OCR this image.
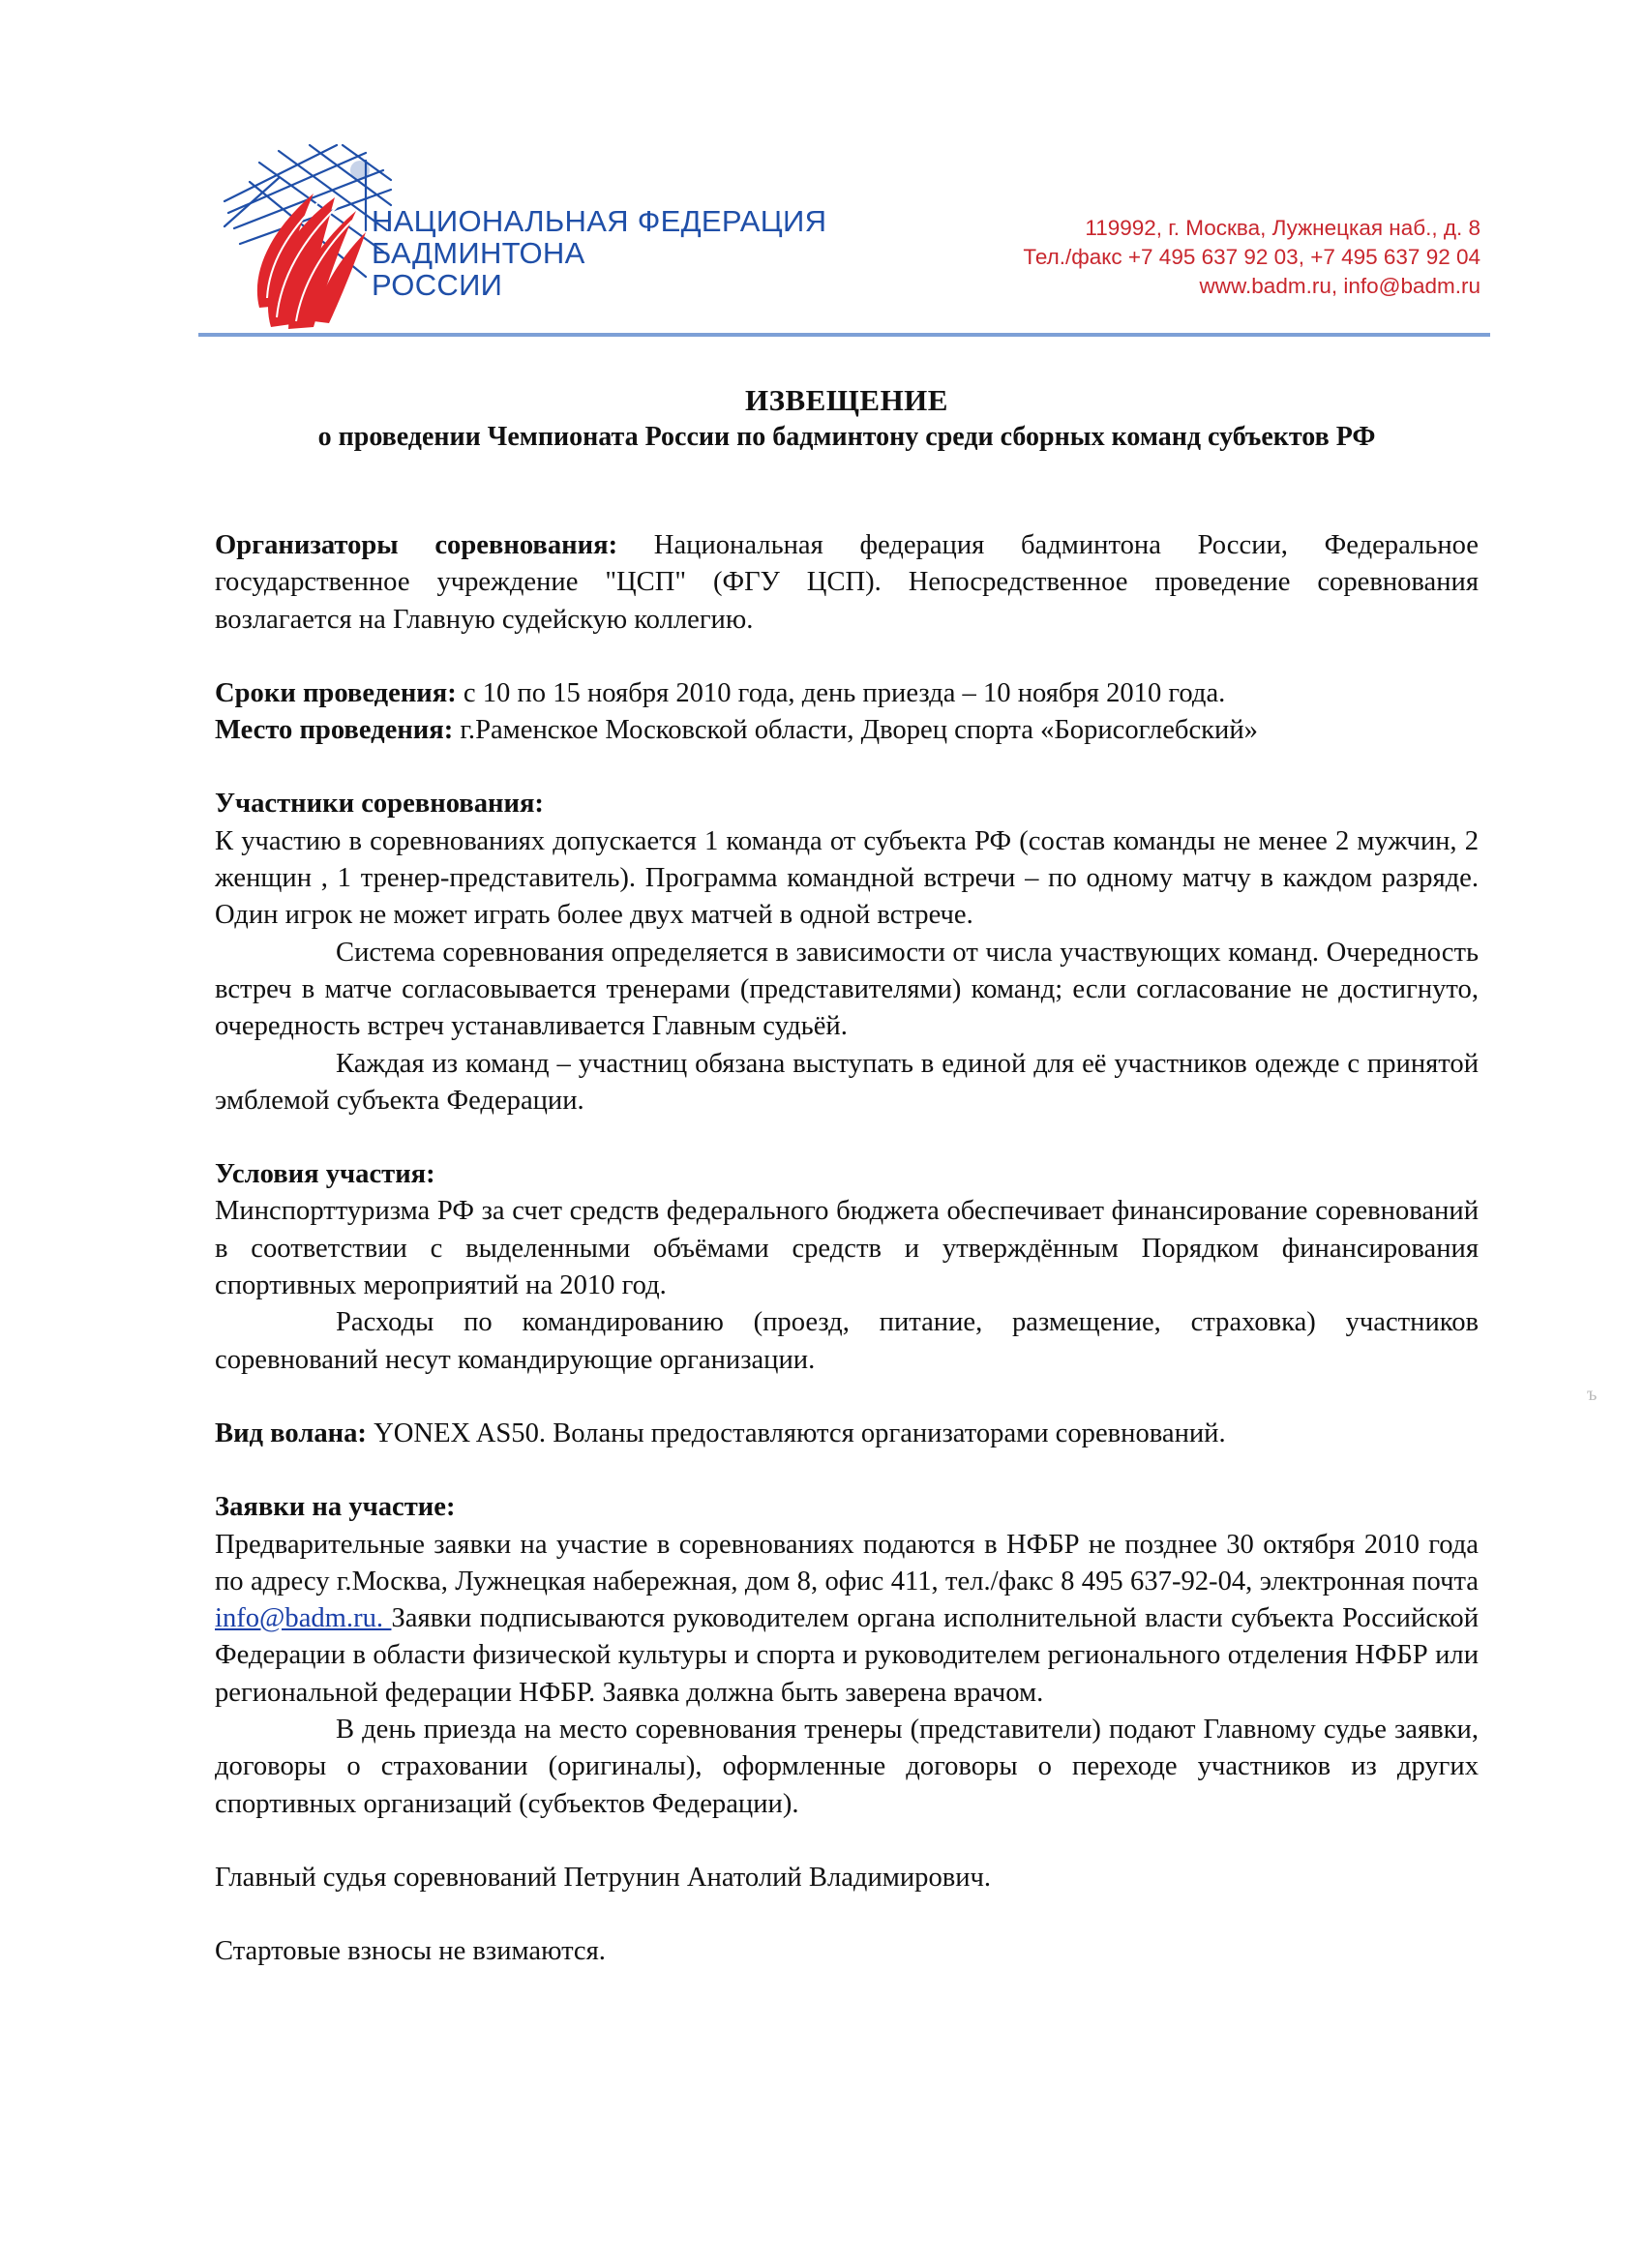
НАЦИОНАЛЬНАЯ ФЕДЕРАЦИЯ
БАДМИНТОНА
РОССИИ
119992, г. Москва, Лужнецкая наб., д. 8
Тел./факс +7 495 637 92 03, +7 495 637 92 04
www.badm.ru, info@badm.ru
ИЗВЕЩЕНИЕ
о проведении Чемпионата России по бадминтону среди сборных команд субъектов РФ

Организаторы соревнования: Национальная федерация бадминтона России, Федеральное государственное учреждение "ЦСП" (ФГУ ЦСП). Непосредственное проведение соревнования возлагается на Главную судейскую коллегию.

Сроки проведения: с 10 по 15 ноября 2010 года, день приезда – 10 ноября 2010 года.

Место проведения: г.Раменское Московской области, Дворец спорта «Борисоглебский»

Участники соревнования:

К участию в соревнованиях допускается 1 команда от субъекта РФ (состав команды не менее 2 мужчин, 2 женщин , 1 тренер-представитель). Программа командной встречи – по одному матчу в каждом разряде. Один игрок не может играть более двух матчей в одной встрече.

Система соревнования определяется в зависимости от числа участвующих команд. Очередность встреч в матче согласовывается тренерами (представителями) команд; если согласование не достигнуто, очередность встреч устанавливается Главным судьёй.

Каждая из команд – участниц обязана выступать в единой для её участников одежде с принятой эмблемой субъекта Федерации.

Условия участия:

Минспорттуризма РФ за счет средств федерального бюджета обеспечивает финансирование соревнований в соответствии с выделенными объёмами средств и утверждённым Порядком финансирования спортивных мероприятий на 2010 год.

Расходы по командированию (проезд, питание, размещение, страховка) участников соревнований несут командирующие организации.

Вид волана: YONEX AS50. Воланы предоставляются организаторами соревнований.

Заявки на участие:

Предварительные заявки на участие в соревнованиях подаются в НФБР не позднее 30 октября 2010 года по адресу г.Москва, Лужнецкая набережная, дом 8, офис 411, тел./факс 8 495 637-92-04, электронная почта info@badm.ru. Заявки подписываются руководителем органа исполнительной власти субъекта Российской Федерации в области физической культуры и спорта и руководителем регионального отделения НФБР или региональной федерации НФБР. Заявка должна быть заверена врачом.

В день приезда на место соревнования тренеры (представители) подают Главному судье заявки, договоры о страховании (оригиналы), оформленные договоры о переходе участников из других спортивных организаций (субъектов Федерации).

Главный судья соревнований Петрунин Анатолий Владимирович.

Стартовые взносы не взимаются.

ъ
